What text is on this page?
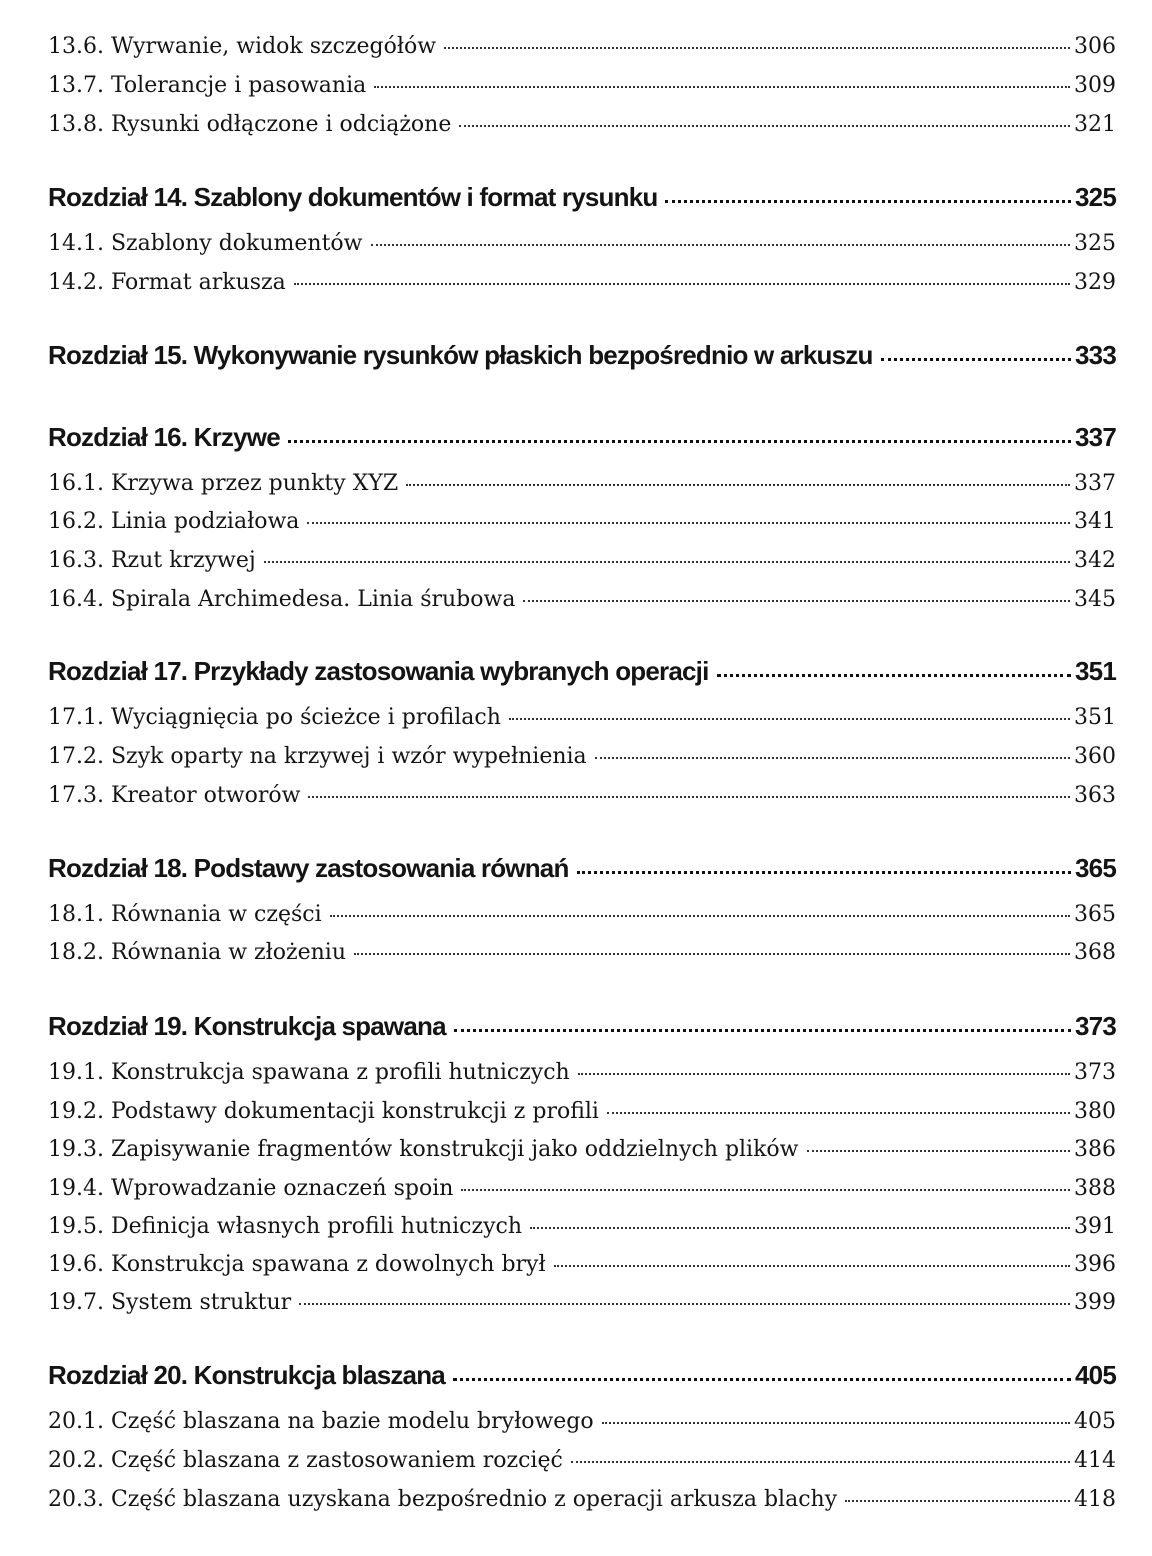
13.6. Wyrwanie, widok szczegółów	306
13.7. Tolerancje i pasowania	309
13.8. Rysunki odłączone i odciążone	321
Rozdział 14. Szablony dokumentów i format rysunku	325
14.1. Szablony dokumentów	325
14.2. Format arkusza	329
Rozdział 15. Wykonywanie rysunków płaskich bezpośrednio w arkuszu	333
Rozdział 16. Krzywe	337
16.1. Krzywa przez punkty XYZ	337
16.2. Linia podziałowa	341
16.3. Rzut krzywej	342
16.4. Spirala Archimedesa. Linia śrubowa	345
Rozdział 17. Przykłady zastosowania wybranych operacji	351
17.1. Wyciągnięcia po ścieżce i profilach	351
17.2. Szyk oparty na krzywej i wzór wypełnienia	360
17.3. Kreator otworów	363
Rozdział 18. Podstawy zastosowania równań	365
18.1. Równania w części	365
18.2. Równania w złożeniu	368
Rozdział 19. Konstrukcja spawana	373
19.1. Konstrukcja spawana z profili hutniczych	373
19.2. Podstawy dokumentacji konstrukcji z profili	380
19.3. Zapisywanie fragmentów konstrukcji jako oddzielnych plików	386
19.4. Wprowadzanie oznaczeń spoin	388
19.5. Definicja własnych profili hutniczych	391
19.6. Konstrukcja spawana z dowolnych brył	396
19.7. System struktur	399
Rozdział 20. Konstrukcja blaszana	405
20.1. Część blaszana na bazie modelu bryłowego	405
20.2. Część blaszana z zastosowaniem rozcięć	414
20.3. Część blaszana uzyskana bezpośrednio z operacji arkusza blachy	418
